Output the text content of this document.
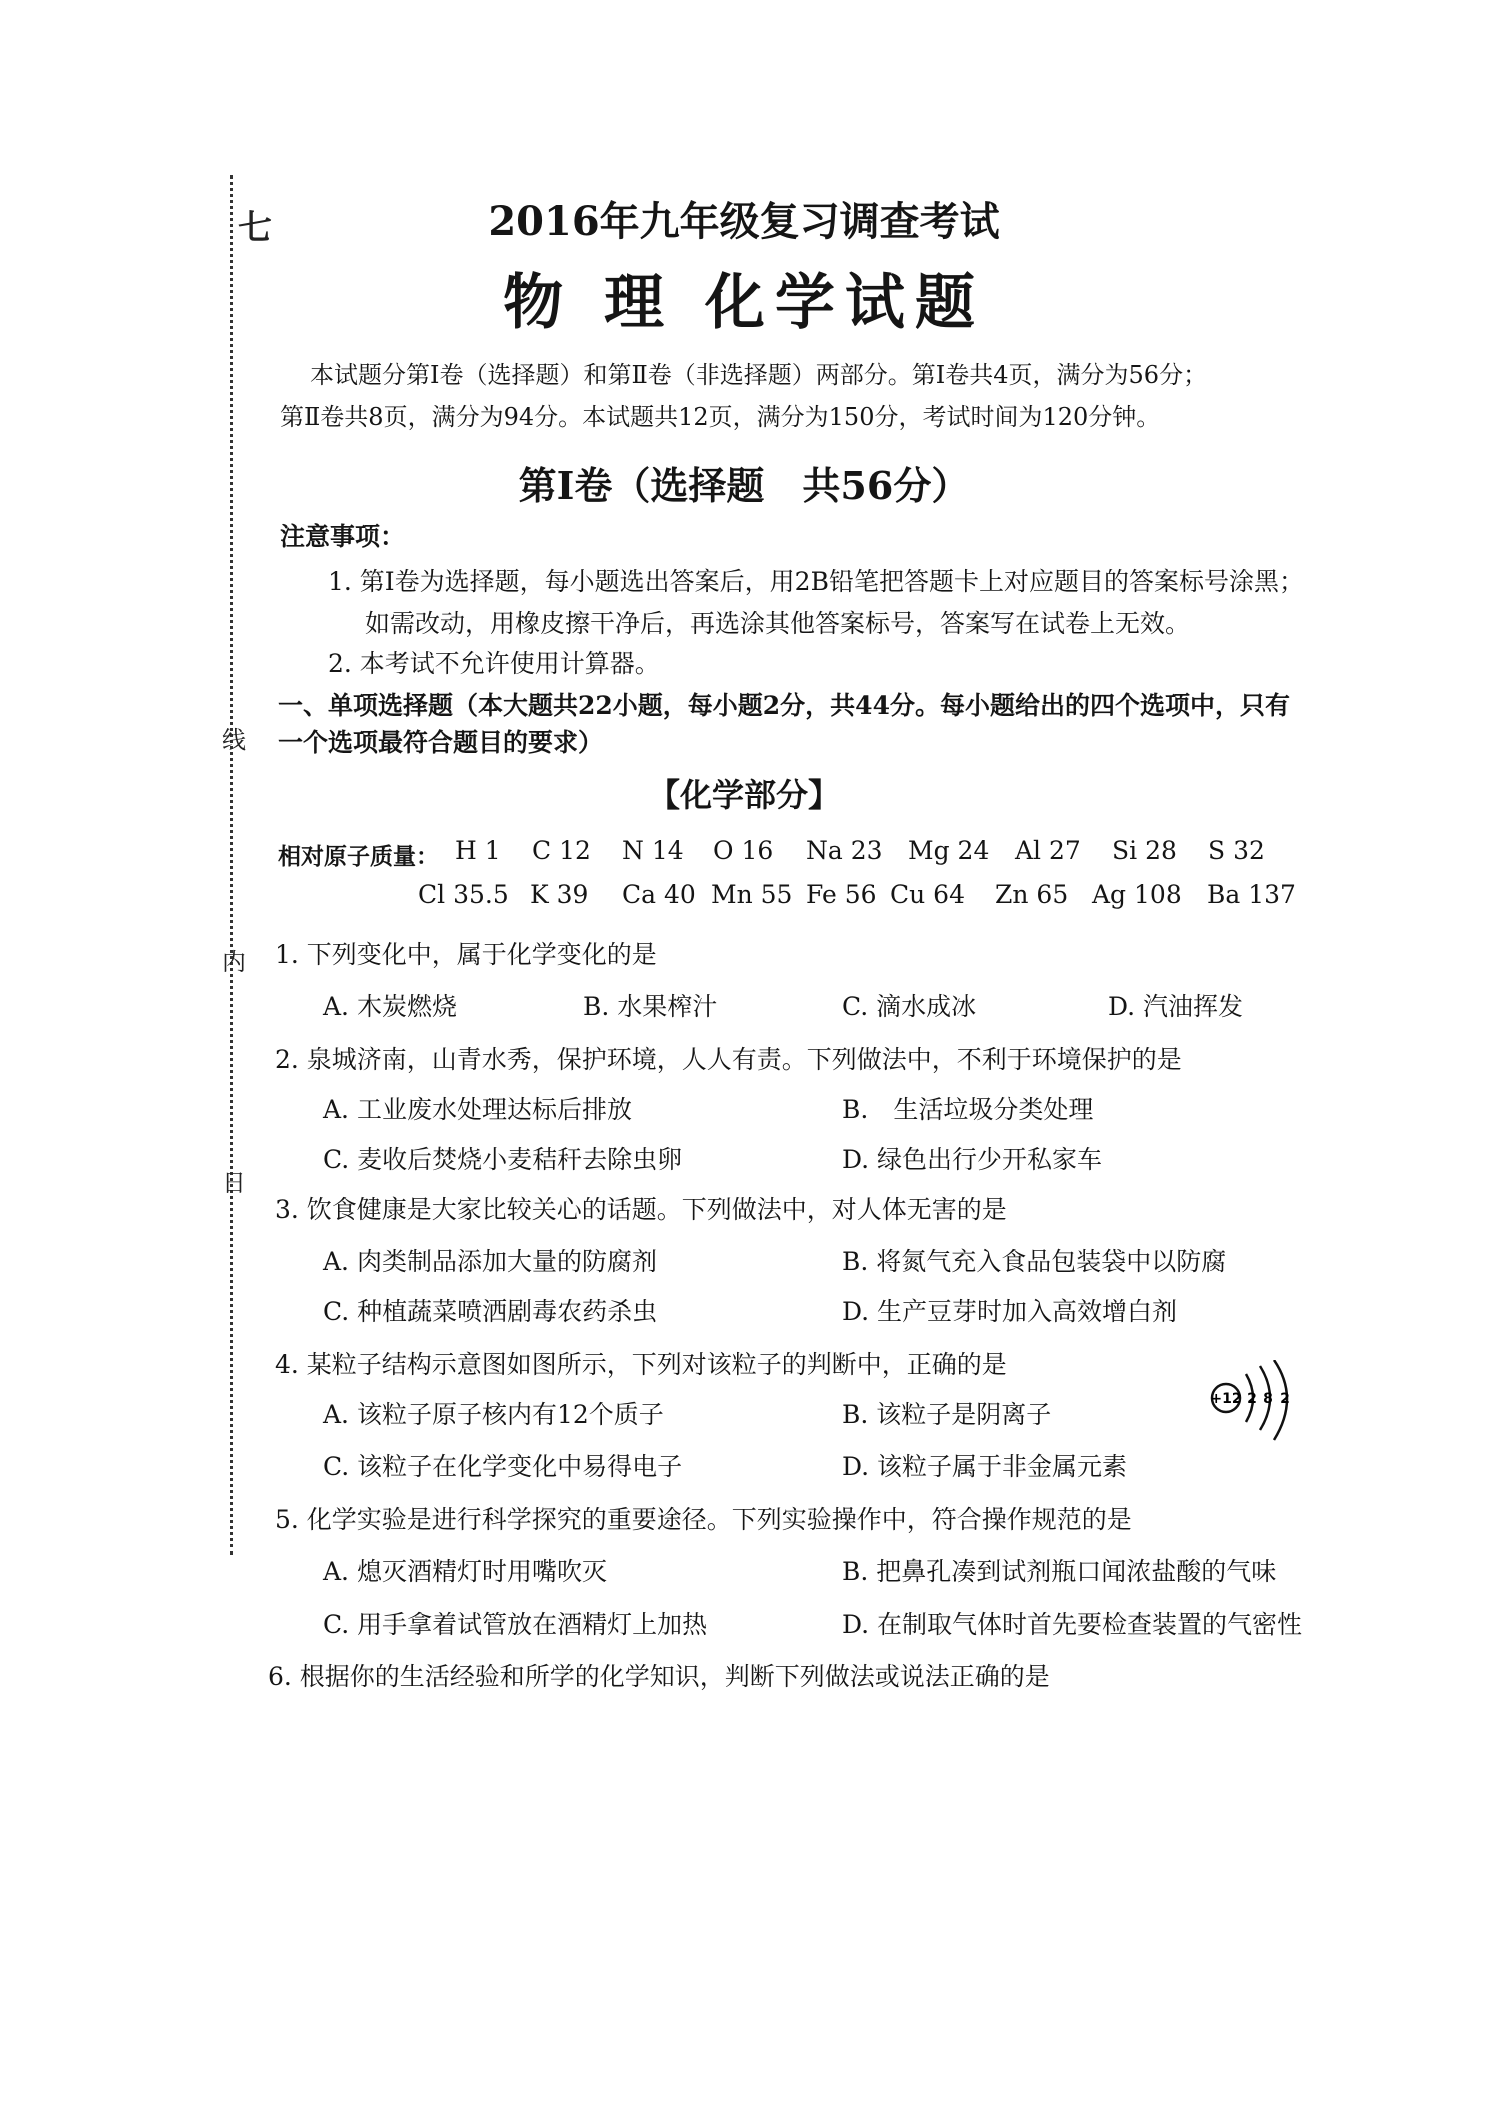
七
线
内
日
2016年九年级复习调查考试
物 理 化学试题
本试题分第Ⅰ卷（选择题）和第Ⅱ卷（非选择题）两部分。第Ⅰ卷共4页，满分为56分；
第Ⅱ卷共8页，满分为94分。本试题共12页，满分为150分，考试时间为120分钟。
第Ⅰ卷（选择题　共56分）
注意事项：
1. 第Ⅰ卷为选择题，每小题选出答案后，用2B铅笔把答题卡上对应题目的答案标号涂黑；
如需改动，用橡皮擦干净后，再选涂其他答案标号，答案写在试卷上无效。
2. 本考试不允许使用计算器。
一、单项选择题（本大题共22小题，每小题2分，共44分。每小题给出的四个选项中，只有
一个选项最符合题目的要求）
【化学部分】
相对原子质量： H 1 C 12 N 14 O 16 Na 23 Mg 24 Al 27 Si 28 S 32
Cl 35.5 K 39 Ca 40 Mn 55 Fe 56 Cu 64 Zn 65 Ag 108 Ba 137
1. 下列变化中，属于化学变化的是
A. 木炭燃烧	B. 水果榨汁	C. 滴水成冰	D. 汽油挥发
2. 泉城济南，山青水秀，保护环境，人人有责。下列做法中，不利于环境保护的是
A. 工业废水处理达标后排放	B.　生活垃圾分类处理
C. 麦收后焚烧小麦秸秆去除虫卵	D. 绿色出行少开私家车
3. 饮食健康是大家比较关心的话题。下列做法中，对人体无害的是
A. 肉类制品添加大量的防腐剂	B. 将氮气充入食品包装袋中以防腐
C. 种植蔬菜喷洒剧毒农药杀虫	D. 生产豆芽时加入高效增白剂
4. 某粒子结构示意图如图所示，下列对该粒子的判断中，正确的是
A. 该粒子原子核内有12个质子	B. 该粒子是阴离子
C. 该粒子在化学变化中易得电子	D. 该粒子属于非金属元素
+12 2 8 2
5. 化学实验是进行科学探究的重要途径。下列实验操作中，符合操作规范的是
A. 熄灭酒精灯时用嘴吹灭	B. 把鼻孔凑到试剂瓶口闻浓盐酸的气味
C. 用手拿着试管放在酒精灯上加热	D. 在制取气体时首先要检查装置的气密性
6. 根据你的生活经验和所学的化学知识，判断下列做法或说法正确的是
